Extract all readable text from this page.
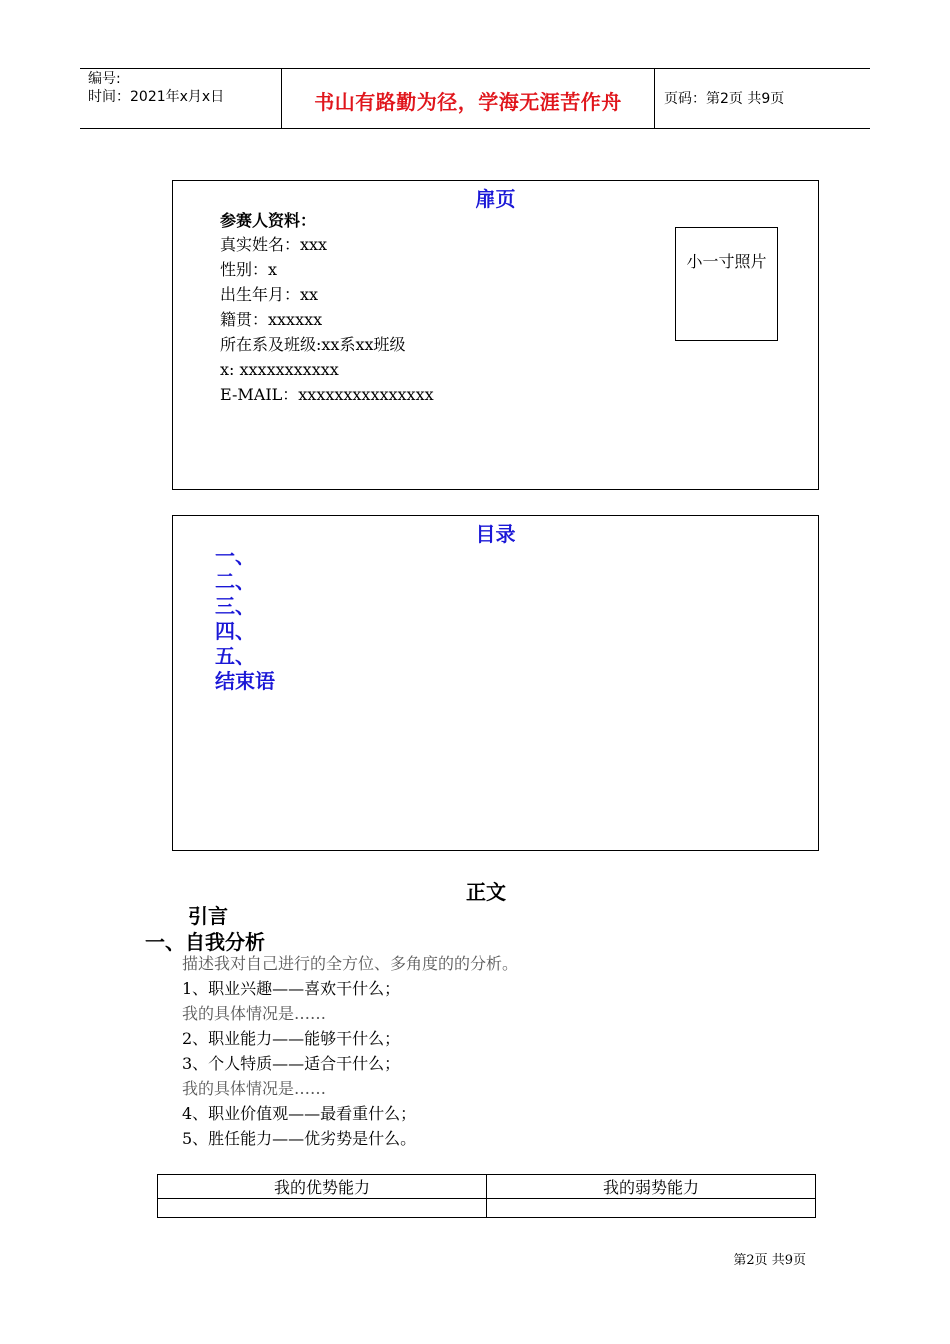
编号:
时间：2021年x月x日	书山有路勤为径，学海无涯苦作舟	页码：第2页 共9页
扉页
参赛人资料：
真实姓名：xxx
性别：x
出生年月：xx
籍贯：xxxxxx
所在系及班级:xx系xx班级
x: xxxxxxxxxxx
E-MAIL：xxxxxxxxxxxxxxx
小一寸照片
目录
一、
二、
三、
四、
五、
结束语
正文
引言
一、自我分析
描述我对自己进行的全方位、多角度的的分析。
1、职业兴趣——喜欢干什么；
我的具体情况是……
2、职业能力——能够干什么；
3、个人特质——适合干什么；
我的具体情况是……
4、职业价值观——最看重什么；
5、胜任能力——优劣势是什么。
我的优势能力	我的弱势能力

第2页 共9页
